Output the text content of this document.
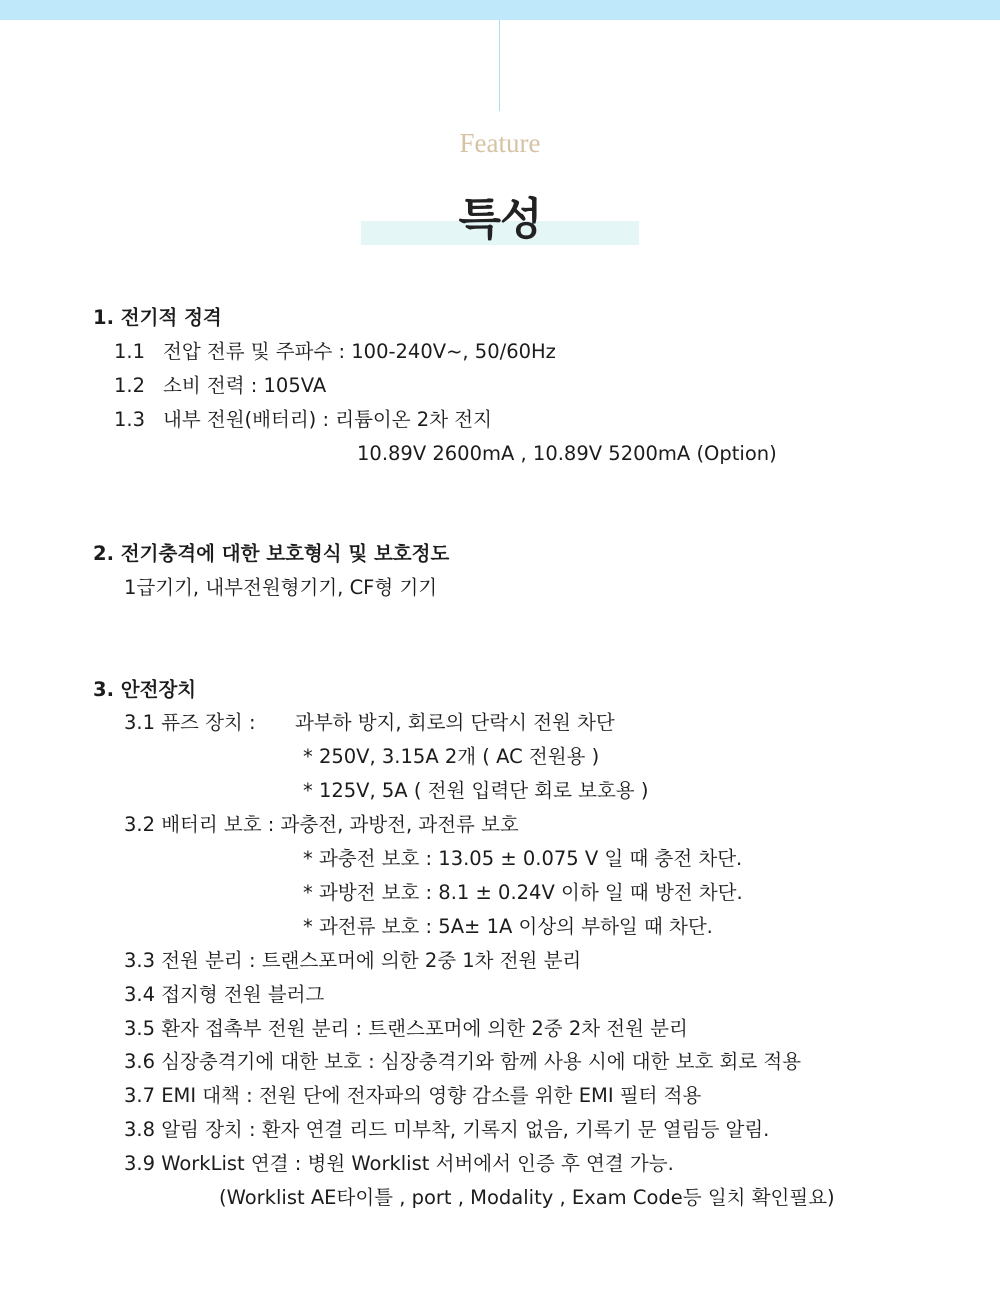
Feature
특성
1. 전기적 정격
1.1 전압 전류 및 주파수 : 100-240V~, 50/60Hz
1.2 소비 전력 : 105VA
1.3 내부 전원(배터리) : 리튬이온 2차 전지
10.89V 2600mA , 10.89V 5200mA (Option)
2. 전기충격에 대한 보호형식 및 보호정도
1급기기, 내부전원형기기, CF형 기기
3. 안전장치
3.1 퓨즈 장치 : 과부하 방지, 회로의 단락시 전원 차단
* 250V, 3.15A 2개 ( AC 전원용 )
* 125V, 5A ( 전원 입력단 회로 보호용 )
3.2 배터리 보호 : 과충전, 과방전, 과전류 보호
* 과충전 보호 : 13.05 ± 0.075 V 일 때 충전 차단.
* 과방전 보호 : 8.1 ± 0.24V 이하 일 때 방전 차단.
* 과전류 보호 : 5A± 1A 이상의 부하일 때 차단.
3.3 전원 분리 : 트랜스포머에 의한 2중 1차 전원 분리
3.4 접지형 전원 블러그
3.5 환자 접촉부 전원 분리 : 트랜스포머에 의한 2중 2차 전원 분리
3.6 심장충격기에 대한 보호 : 심장충격기와 함께 사용 시에 대한 보호 회로 적용
3.7 EMI 대책 : 전원 단에 전자파의 영향 감소를 위한 EMI 필터 적용
3.8 알림 장치 : 환자 연결 리드 미부착, 기록지 없음, 기록기 문 열림등 알림.
3.9 WorkList 연결 : 병원 Worklist 서버에서 인증 후 연결 가능.
(Worklist AE타이틀 , port , Modality , Exam Code등 일치 확인필요)
